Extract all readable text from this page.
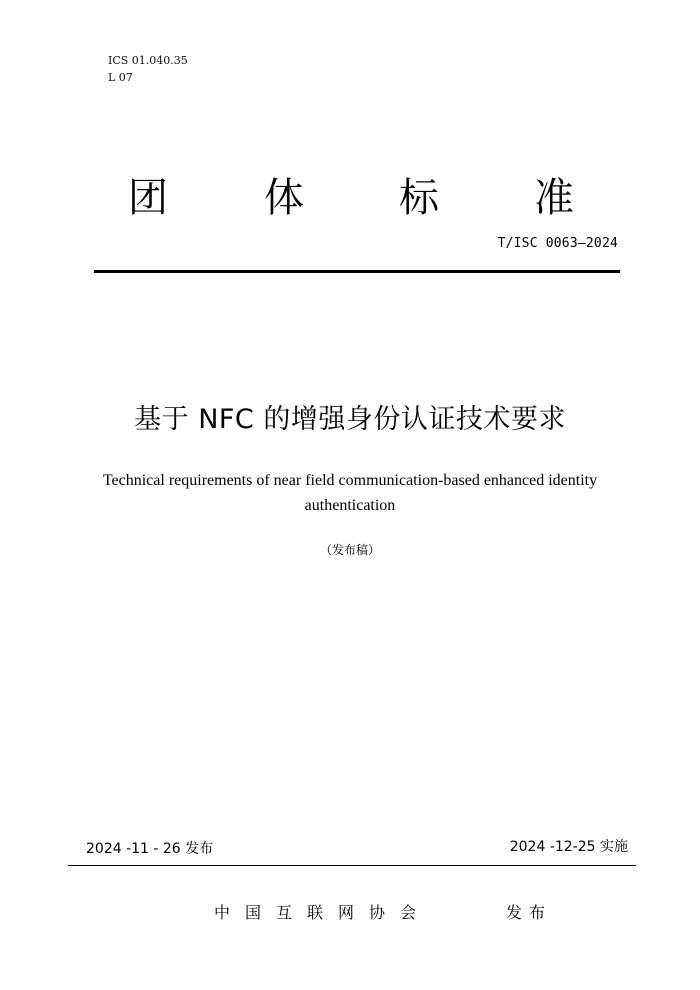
ICS 01.040.35
L 07
团 体 标 准
T/ISC 0063—2024
基于 NFC 的增强身份认证技术要求
Technical requirements of near field communication-based enhanced identity
authentication
（发布稿）
2024 -11 - 26 发布	2024 -12-25 实施
中国互联网协会	发布
